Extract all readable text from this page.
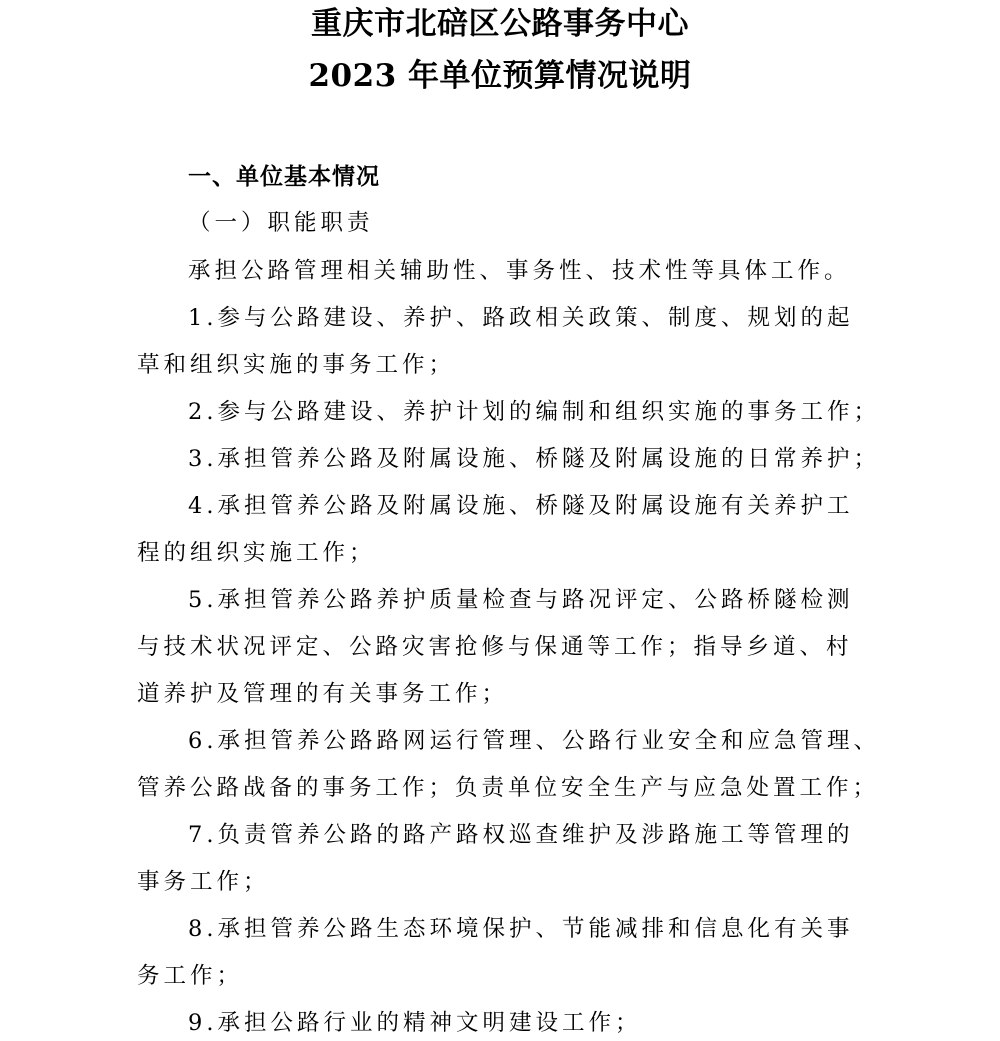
重庆市北碚区公路事务中心
2023 年单位预算情况说明
一、单位基本情况
（一）职能职责
承担公路管理相关辅助性、事务性、技术性等具体工作。
1.参与公路建设、养护、路政相关政策、制度、规划的起
草和组织实施的事务工作；
2.参与公路建设、养护计划的编制和组织实施的事务工作；
3.承担管养公路及附属设施、桥隧及附属设施的日常养护；
4.承担管养公路及附属设施、桥隧及附属设施有关养护工
程的组织实施工作；
5.承担管养公路养护质量检查与路况评定、公路桥隧检测
与技术状况评定、公路灾害抢修与保通等工作；指导乡道、村
道养护及管理的有关事务工作；
6.承担管养公路路网运行管理、公路行业安全和应急管理、
管养公路战备的事务工作；负责单位安全生产与应急处置工作；
7.负责管养公路的路产路权巡查维护及涉路施工等管理的
事务工作；
8.承担管养公路生态环境保护、节能减排和信息化有关事
务工作；
9.承担公路行业的精神文明建设工作；
